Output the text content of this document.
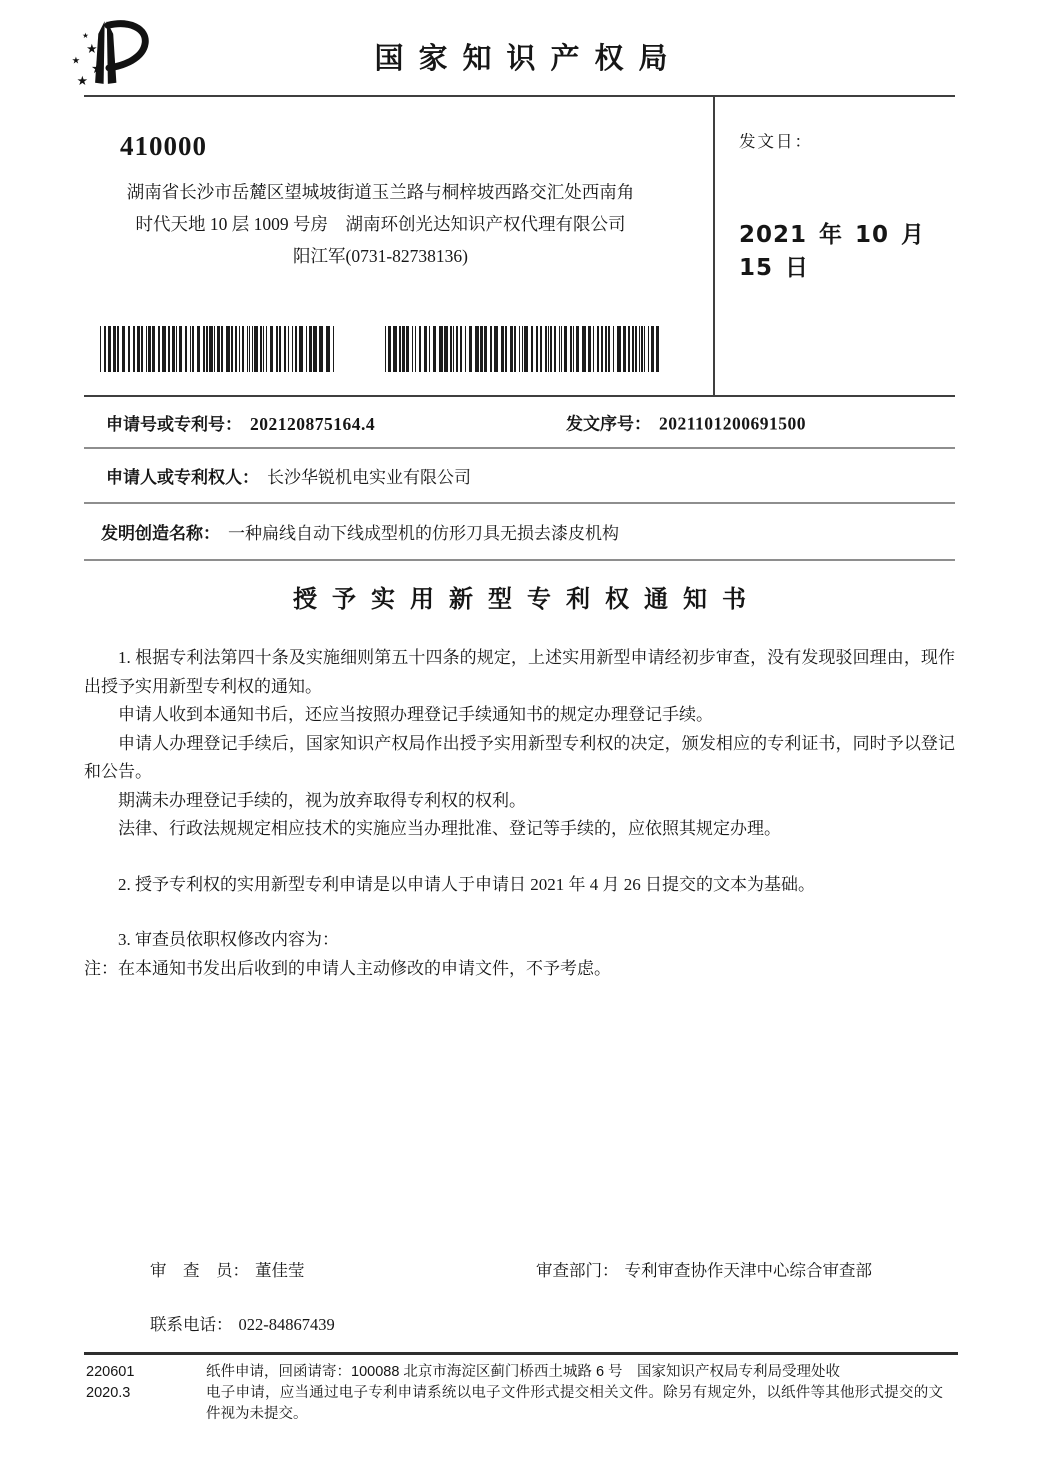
★
★
★
★
★
国家知识产权局
410000
湖南省长沙市岳麓区望城坡街道玉兰路与桐梓坡西路交汇处西南角
时代天地 10 层 1009 号房　湖南环创光达知识产权代理有限公司
阳江军(0731-82738136)
发文日：
2021 年 10 月 15 日
申请号或专利号： 202120875164.4	发文序号： 2021101200691500
申请人或专利权人： 长沙华锐机电实业有限公司
发明创造名称： 一种扁线自动下线成型机的仿形刀具无损去漆皮机构
授予实用新型专利权通知书

1. 根据专利法第四十条及实施细则第五十四条的规定，上述实用新型申请经初步审查，没有发现驳回理由，现作出授予实用新型专利权的通知。

申请人收到本通知书后，还应当按照办理登记手续通知书的规定办理登记手续。

申请人办理登记手续后，国家知识产权局作出授予实用新型专利权的决定，颁发相应的专利证书，同时予以登记和公告。

期满未办理登记手续的，视为放弃取得专利权的权利。

法律、行政法规规定相应技术的实施应当办理批准、登记等手续的，应依照其规定办理。

2. 授予专利权的实用新型专利申请是以申请人于申请日 2021 年 4 月 26 日提交的文本为基础。

3. 审查员依职权修改内容为：

注：在本通知书发出后收到的申请人主动修改的申请文件，不予考虑。

审　查　员： 董佳莹	审查部门： 专利审查协作天津中心综合审查部
联系电话： 022-84867439
220601
2020.3

纸件申请，回函请寄：100088 北京市海淀区蓟门桥西土城路 6 号　国家知识产权局专利局受理处收

电子申请，应当通过电子专利申请系统以电子文件形式提交相关文件。除另有规定外，以纸件等其他形式提交的文件视为未提交。
